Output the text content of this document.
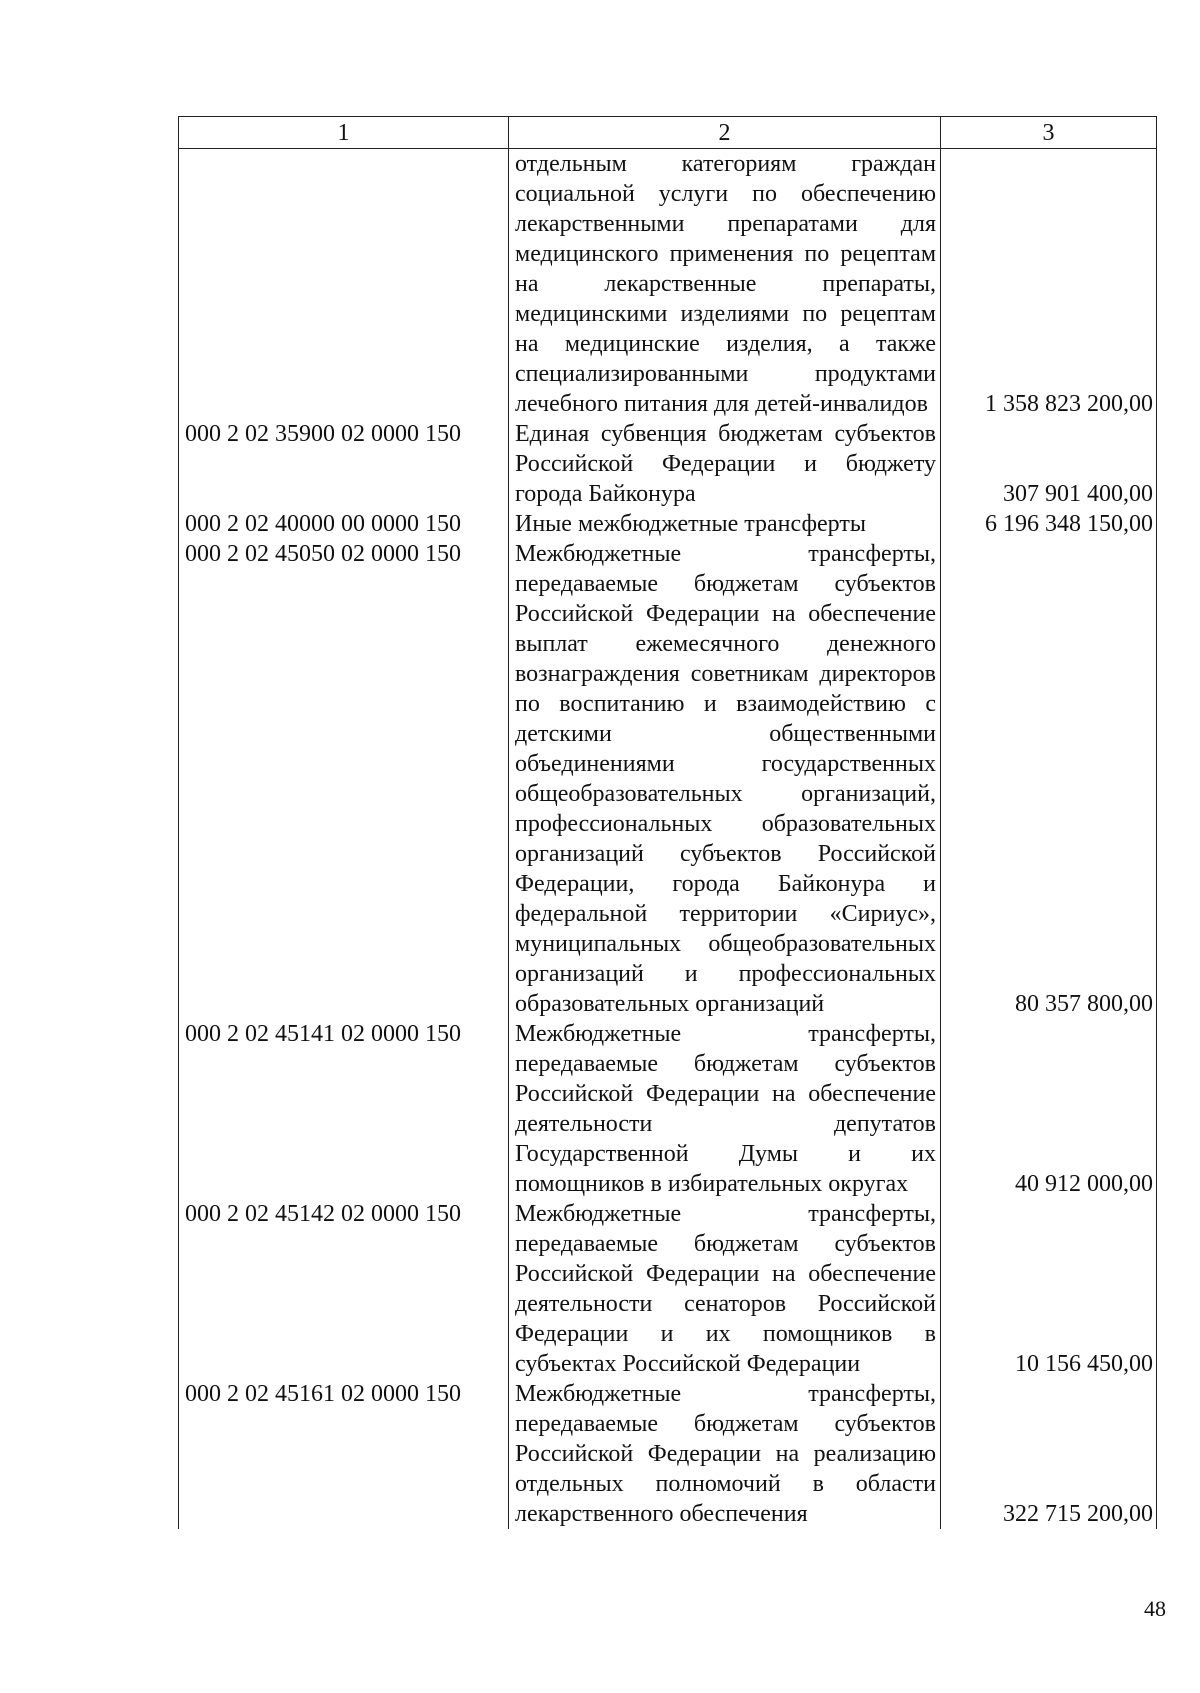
1	2	3
	отдельным категориям граждан социальной услуги по обеспечению лекарственными препаратами для медицинского применения по рецептам на лекарственные препараты, медицинскими изделиями по рецептам на медицинские изделия, а также специализированными продуктами лечебного питания для детей-инвалидов	1 358 823 200,00
000 2 02 35900 02 0000 150	Единая субвенция бюджетам субъектов Российской Федерации и бюджету города Байконура	307 901 400,00
000 2 02 40000 00 0000 150	Иные межбюджетные трансферты	6 196 348 150,00
000 2 02 45050 02 0000 150	Межбюджетные трансферты, передаваемые бюджетам субъектов Российской Федерации на обеспечение выплат ежемесячного денежного вознаграждения советникам директоров по воспитанию и взаимодействию с детскими общественными объединениями государственных общеобразовательных организаций, профессиональных образовательных организаций субъектов Российской Федерации, города Байконура и федеральной территории «Сириус», муниципальных общеобразовательных организаций и профессиональных образовательных организаций	80 357 800,00
000 2 02 45141 02 0000 150	Межбюджетные трансферты, передаваемые бюджетам субъектов Российской Федерации на обеспечение деятельности депутатов Государственной Думы и их помощников в избирательных округах	40 912 000,00
000 2 02 45142 02 0000 150	Межбюджетные трансферты, передаваемые бюджетам субъектов Российской Федерации на обеспечение деятельности сенаторов Российской Федерации и их помощников в субъектах Российской Федерации	10 156 450,00
000 2 02 45161 02 0000 150	Межбюджетные трансферты, передаваемые бюджетам субъектов Российской Федерации на реализацию отдельных полномочий в области лекарственного обеспечения	322 715 200,00
48
